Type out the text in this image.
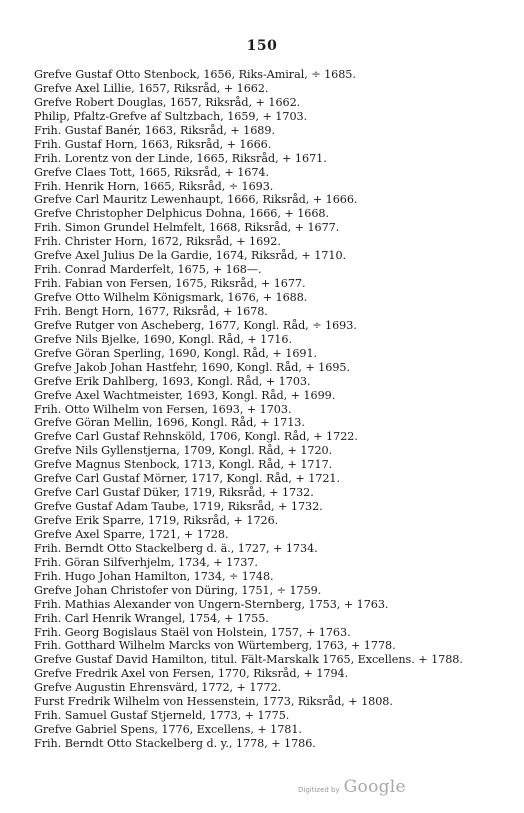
150
Grefve Gustaf Otto Stenbock, 1656, Riks-Amiral, ÷ 1685.
Grefve Axel Lillie, 1657, Riksråd, + 1662.
Grefve Robert Douglas, 1657, Riksråd, + 1662.
Philip, Pfaltz-Grefve af Sultzbach, 1659, + 1703.
Frih. Gustaf Banér, 1663, Riksråd, + 1689.
Frih. Gustaf Horn, 1663, Riksråd, + 1666.
Frih. Lorentz von der Linde, 1665, Riksråd, + 1671.
Grefve Claes Tott, 1665, Riksråd, + 1674.
Frih. Henrik Horn, 1665, Riksråd, ÷ 1693.
Grefve Carl Mauritz Lewenhaupt, 1666, Riksråd, + 1666.
Grefve Christopher Delphicus Dohna, 1666, + 1668.
Frih. Simon Grundel Helmfelt, 1668, Riksråd, + 1677.
Frih. Christer Horn, 1672, Riksråd, + 1692.
Grefve Axel Julius De la Gardie, 1674, Riksråd, + 1710.
Frih. Conrad Marderfelt, 1675, + 168—.
Frih. Fabian von Fersen, 1675, Riksråd, + 1677.
Grefve Otto Wilhelm Königsmark, 1676, + 1688.
Frih. Bengt Horn, 1677, Riksråd, + 1678.
Grefve Rutger von Ascheberg, 1677, Kongl. Råd, ÷ 1693.
Grefve Nils Bjelke, 1690, Kongl. Råd, + 1716.
Grefve Göran Sperling, 1690, Kongl. Råd, + 1691.
Grefve Jakob Johan Hastfehr, 1690, Kongl. Råd, + 1695.
Grefve Erik Dahlberg, 1693, Kongl. Råd, + 1703.
Grefve Axel Wachtmeister, 1693, Kongl. Råd, + 1699.
Frih. Otto Wilhelm von Fersen, 1693, + 1703.
Grefve Göran Mellin, 1696, Kongl. Råd, + 1713.
Grefve Carl Gustaf Rehnsköld, 1706, Kongl. Råd, + 1722.
Grefve Nils Gyllenstjerna, 1709, Kongl. Råd, + 1720.
Grefve Magnus Stenbock, 1713, Kongl. Råd, + 1717.
Grefve Carl Gustaf Mörner, 1717, Kongl. Råd, + 1721.
Grefve Carl Gustaf Düker, 1719, Riksråd, + 1732.
Grefve Gustaf Adam Taube, 1719, Riksråd, + 1732.
Grefve Erik Sparre, 1719, Riksråd, + 1726.
Grefve Axel Sparre, 1721, + 1728.
Frih. Berndt Otto Stackelberg d. ä., 1727, + 1734.
Frih. Göran Silfverhjelm, 1734, + 1737.
Frih. Hugo Johan Hamilton, 1734, ÷ 1748.
Grefve Johan Christofer von Düring, 1751, ÷ 1759.
Frih. Mathias Alexander von Ungern-Sternberg, 1753, + 1763.
Frih. Carl Henrik Wrangel, 1754, + 1755.
Frih. Georg Bogislaus Staël von Holstein, 1757, + 1763.
Frih. Gotthard Wilhelm Marcks von Würtemberg, 1763, + 1778.
Grefve Gustaf David Hamilton, titul. Fält-Marskalk 1765, Excellens. + 1788.
Grefve Fredrik Axel von Fersen, 1770, Riksråd, + 1794.
Grefve Augustin Ehrensvärd, 1772, + 1772.
Furst Fredrik Wilhelm von Hessenstein, 1773, Riksråd, + 1808.
Frih. Samuel Gustaf Stjerneld, 1773, + 1775.
Grefve Gabriel Spens, 1776, Excellens, + 1781.
Frih. Berndt Otto Stackelberg d. y., 1778, + 1786.
Digitized by Google
